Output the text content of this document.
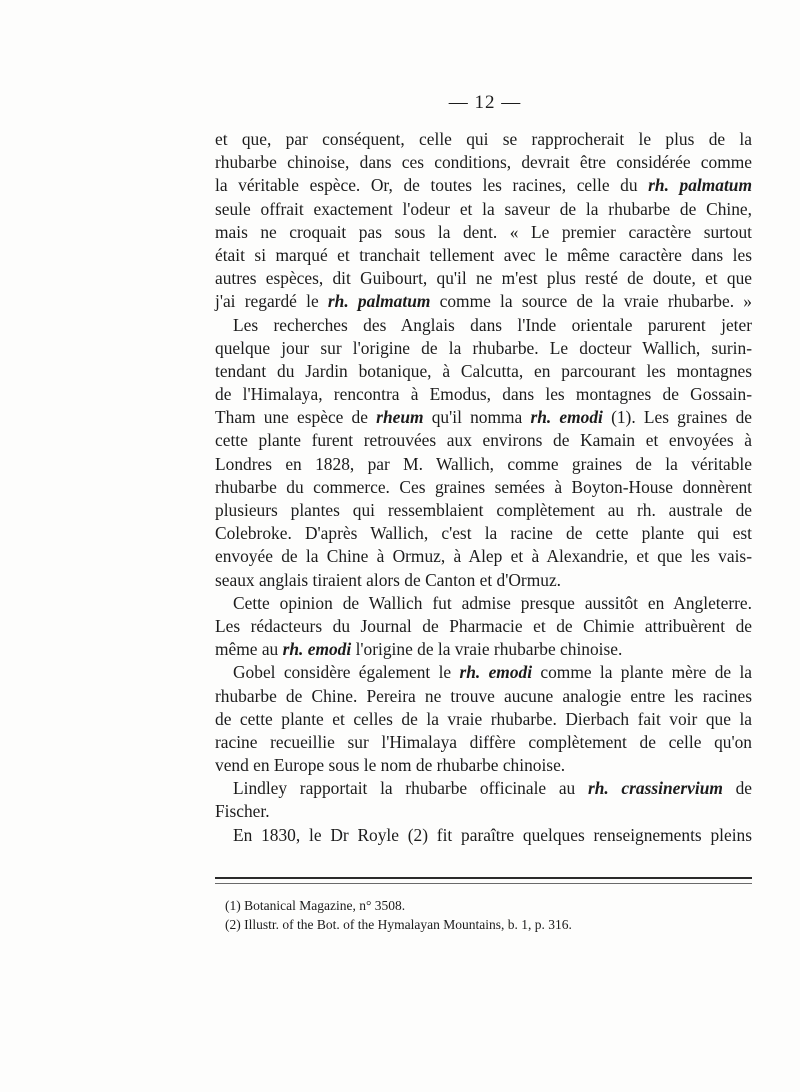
— 12 —
et que, par conséquent, celle qui se rapprocherait le plus de la
rhubarbe chinoise, dans ces conditions, devrait être considérée comme
la véritable espèce. Or, de toutes les racines, celle du rh. palmatum
seule offrait exactement l'odeur et la saveur de la rhubarbe de Chine,
mais ne croquait pas sous la dent. « Le premier caractère surtout
était si marqué et tranchait tellement avec le même caractère dans les
autres espèces, dit Guibourt, qu'il ne m'est plus resté de doute, et que
j'ai regardé le rh. palmatum comme la source de la vraie rhubarbe. »
Les recherches des Anglais dans l'Inde orientale parurent jeter
quelque jour sur l'origine de la rhubarbe. Le docteur Wallich, surin-
tendant du Jardin botanique, à Calcutta, en parcourant les montagnes
de l'Himalaya, rencontra à Emodus, dans les montagnes de Gossain-
Tham une espèce de rheum qu'il nomma rh. emodi (1). Les graines de
cette plante furent retrouvées aux environs de Kamain et envoyées à
Londres en 1828, par M. Wallich, comme graines de la véritable
rhubarbe du commerce. Ces graines semées à Boyton-House donnèrent
plusieurs plantes qui ressemblaient complètement au rh. australe de
Colebroke. D'après Wallich, c'est la racine de cette plante qui est
envoyée de la Chine à Ormuz, à Alep et à Alexandrie, et que les vais-
seaux anglais tiraient alors de Canton et d'Ormuz.
Cette opinion de Wallich fut admise presque aussitôt en Angleterre.
Les rédacteurs du Journal de Pharmacie et de Chimie attribuèrent de
même au rh. emodi l'origine de la vraie rhubarbe chinoise.
Gobel considère également le rh. emodi comme la plante mère de la
rhubarbe de Chine. Pereira ne trouve aucune analogie entre les racines
de cette plante et celles de la vraie rhubarbe. Dierbach fait voir que la
racine recueillie sur l'Himalaya diffère complètement de celle qu'on
vend en Europe sous le nom de rhubarbe chinoise.
Lindley rapportait la rhubarbe officinale au rh. crassinervium de
Fischer.
En 1830, le Dr Royle (2) fit paraître quelques renseignements pleins
(1) Botanical Magazine, n° 3508.
(2) Illustr. of the Bot. of the Hymalayan Mountains, b. 1, p. 316.
